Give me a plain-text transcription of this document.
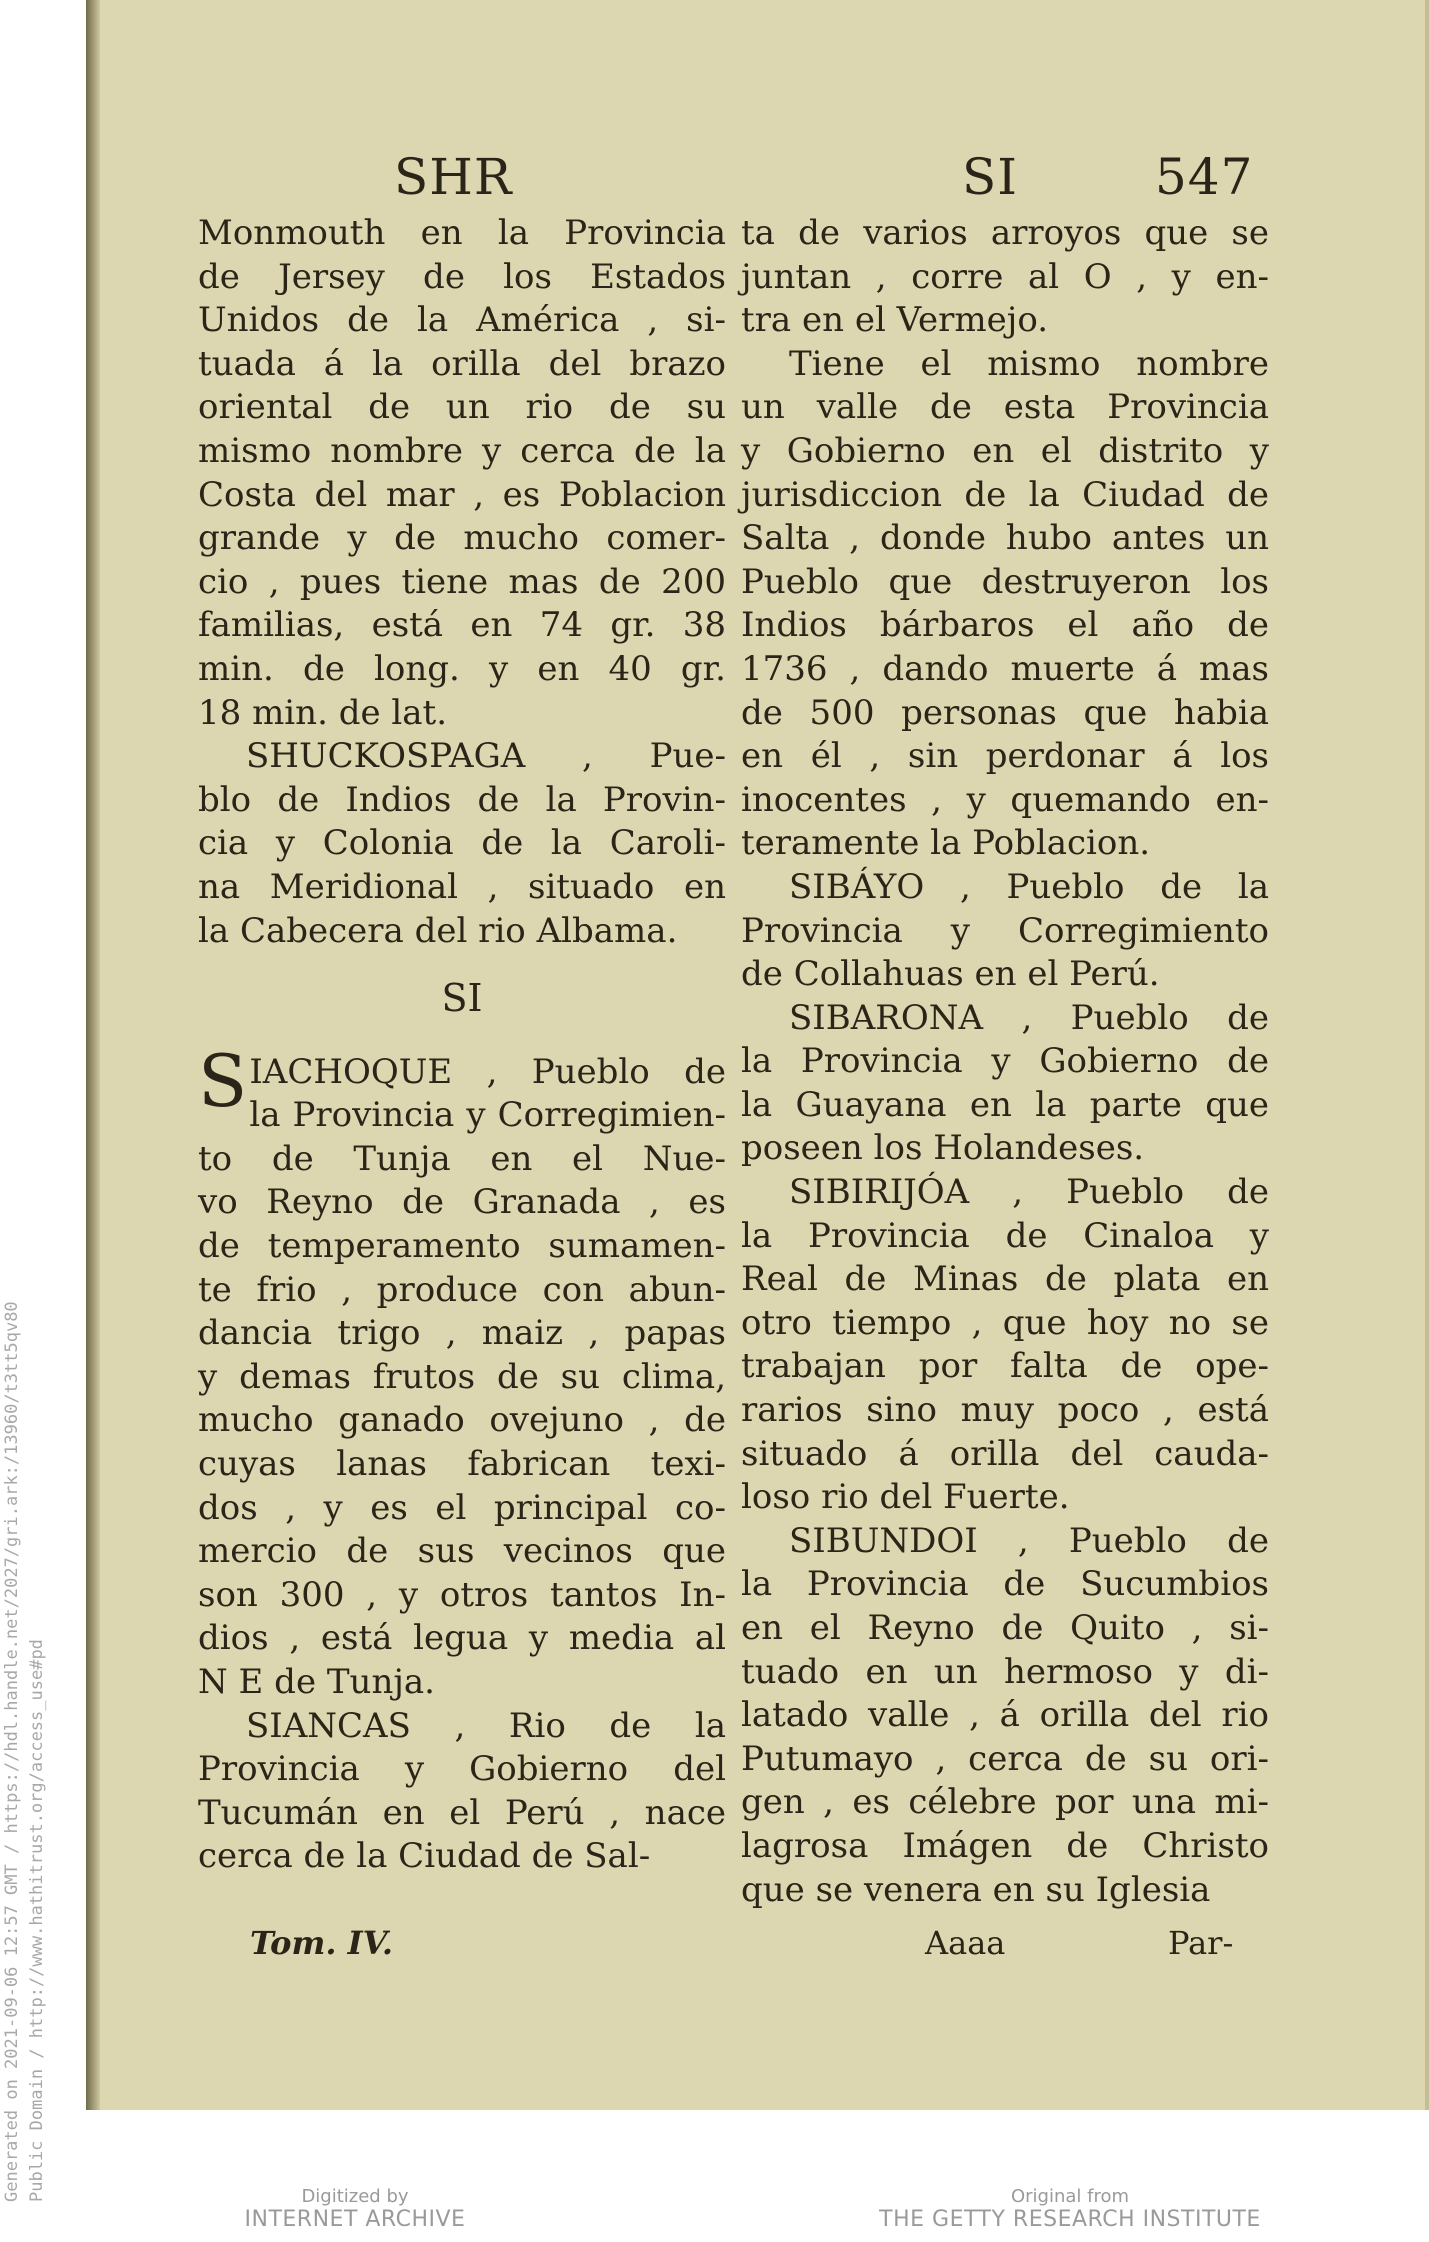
SHR	SI	547

Monmouth en la Provincia

de Jersey de los Estados

Unidos de la América , si-

tuada á la orilla del brazo

oriental de un rio de su

mismo nombre y cerca de la

Costa del mar , es Poblacion

grande y de mucho comer-

cio , pues tiene mas de 200

familias, está en 74 gr. 38

min. de long. y en 40 gr.

18 min. de lat.

SHUCKOSPAGA , Pue-

blo de Indios de la Provin-

cia y Colonia de la Caroli-

na Meridional , situado en

la Cabecera del rio Albama.

SI
S IACHOQUE , Pueblo de

la Provincia y Corregimien-

to de Tunja en el Nue-

vo Reyno de Granada , es

de temperamento sumamen-

te frio , produce con abun-

dancia trigo , maiz , papas

y demas frutos de su clima,

mucho ganado ovejuno , de

cuyas lanas fabrican texi-

dos , y es el principal co-

mercio de sus vecinos que

son 300 , y otros tantos In-

dios , está legua y media al

N E de Tunja.

SIANCAS , Rio de la

Provincia y Gobierno del

Tucumán en el Perú , nace

cerca de la Ciudad de Sal-

Tom. IV.

ta de varios arroyos que se

juntan , corre al O , y en-

tra en el Vermejo.

Tiene el mismo nombre

un valle de esta Provincia

y Gobierno en el distrito y

jurisdiccion de la Ciudad de

Salta , donde hubo antes un

Pueblo que destruyeron los

Indios bárbaros el año de

1736 , dando muerte á mas

de 500 personas que habia

en él , sin perdonar á los

inocentes , y quemando en-

teramente la Poblacion.

SIBÁYO , Pueblo de la

Provincia y Corregimiento

de Collahuas en el Perú.

SIBARONA , Pueblo de

la Provincia y Gobierno de

la Guayana en la parte que

poseen los Holandeses.

SIBIRIJÓA , Pueblo de

la Provincia de Cinaloa y

Real de Minas de plata en

otro tiempo , que hoy no se

trabajan por falta de ope-

rarios sino muy poco , está

situado á orilla del cauda-

loso rio del Fuerte.

SIBUNDOI , Pueblo de

la Provincia de Sucumbios

en el Reyno de Quito , si-

tuado en un hermoso y di-

latado valle , á orilla del rio

Putumayo , cerca de su ori-

gen , es célebre por una mi-

lagrosa Imágen de Christo

que se venera en su Iglesia

Aaaa	Par-
Generated on 2021-09-06 12:57 GMT / https://hdl.handle.net/2027/gri.ark:/13960/t3tt5qv80 Public Domain / http://www.hathitrust.org/access_use#pd	Digitized by
INTERNET ARCHIVE
Original from
THE GETTY RESEARCH INSTITUTE
